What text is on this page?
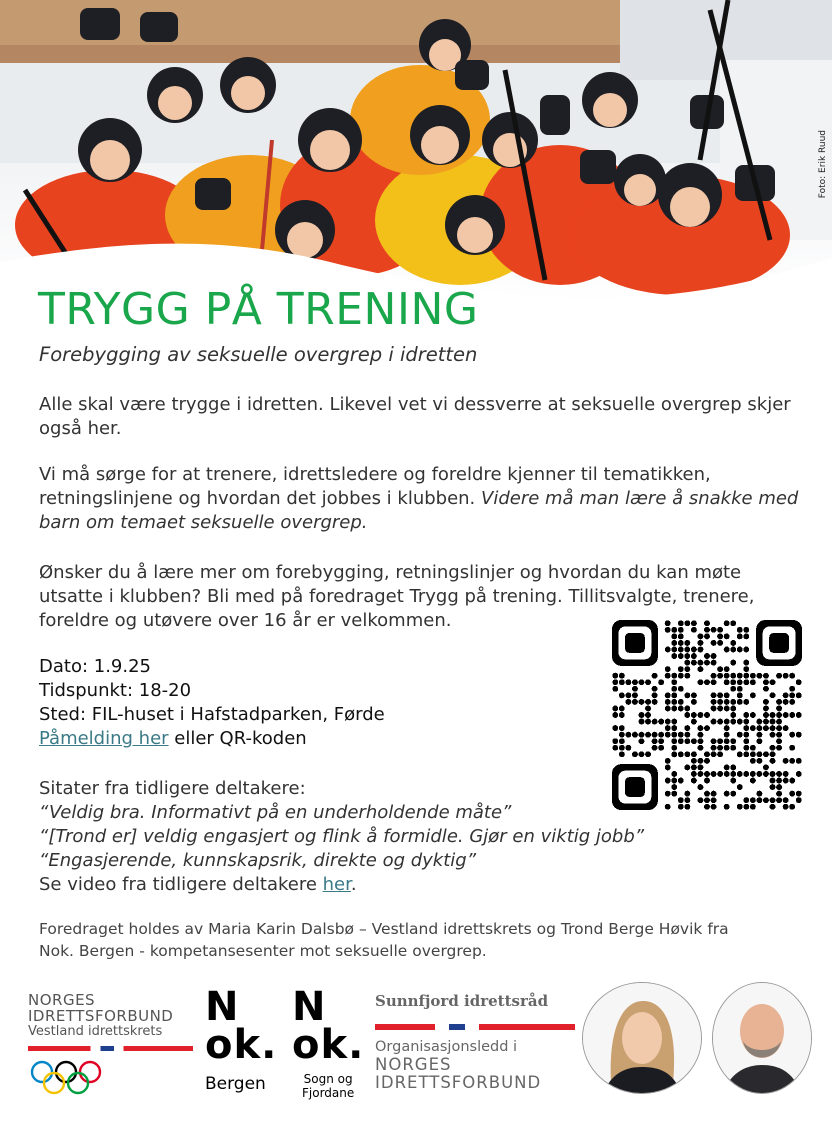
Foto: Erik Ruud
TRYGG PÅ TRENING
Forebygging av seksuelle overgrep i idretten
Alle skal være trygge i idretten. Likevel vet vi dessverre at seksuelle overgrep skjer også her.
Vi må sørge for at trenere, idrettsledere og foreldre kjenner til tematikken, retningslinjene og hvordan det jobbes i klubben. Videre må man lære å snakke med barn om temaet seksuelle overgrep.
Ønsker du å lære mer om forebygging, retningslinjer og hvordan du kan møte utsatte i klubben? Bli med på foredraget Trygg på trening. Tillitsvalgte, trenere, foreldre og utøvere over 16 år er velkommen.
Dato: 1.9.25
Tidspunkt: 18-20
Sted: FIL-huset i Hafstadparken, Førde
Påmelding her eller QR-koden
Sitater fra tidligere deltakere:
“Veldig bra. Informativt på en underholdende måte”
“[Trond er] veldig engasjert og flink å formidle. Gjør en viktig jobb”
“Engasjerende, kunnskapsrik, direkte og dyktig”
Se video fra tidligere deltakere her.
Foredraget holdes av Maria Karin Dalsbø – Vestland idrettskrets og Trond Berge Høvik fra Nok. Bergen - kompetansesenter mot seksuelle overgrep.
NORGES
IDRETTSFORBUND
Vestland idrettskrets
N
ok.
Bergen
N
ok.
Sogn og
Fjordane
Sunnfjord idrettsråd
Organisasjonsledd i
NORGES
IDRETTSFORBUND
